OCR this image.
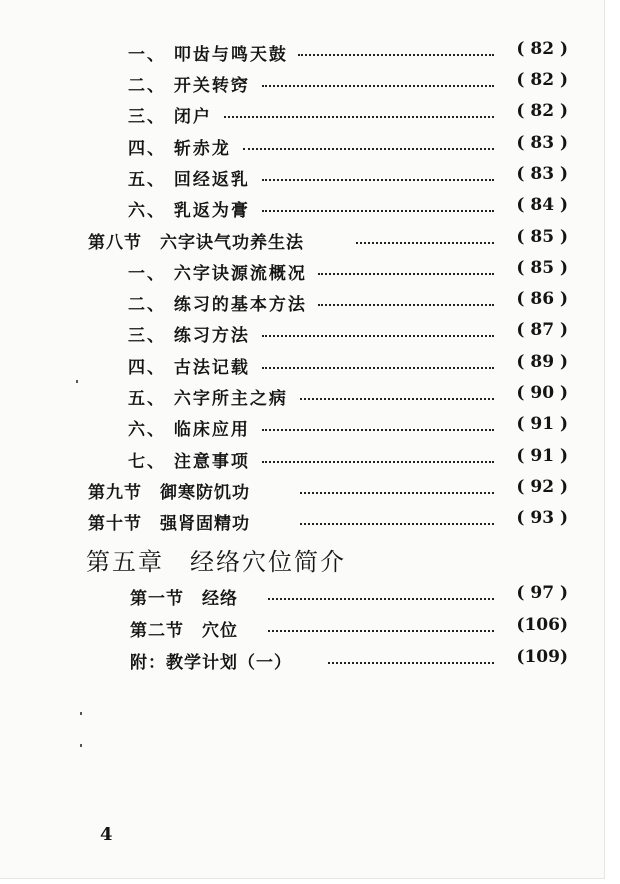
一、 叩齿与鸣天鼓	( 82 )
二、 开关转窍	( 82 )
三、 闭户	( 82 )
四、 斩赤龙	( 83 )
五、 回经返乳	( 83 )
六、 乳返为膏	( 84 )
第八节　六字诀气功养生法	( 85 )
一、 六字诀源流概况	( 85 )
二、 练习的基本方法	( 86 )
三、 练习方法	( 87 )
四、 古法记载	( 89 )
五、 六字所主之病	( 90 )
六、 临床应用	( 91 )
七、 注意事项	( 91 )
第九节　御寒防饥功	( 92 )
第十节　强肾固精功	( 93 )
第五章　经络穴位简介
第一节　经络	( 97 )
第二节　穴位	(106)
附：教学计划（一）	(109)
4
